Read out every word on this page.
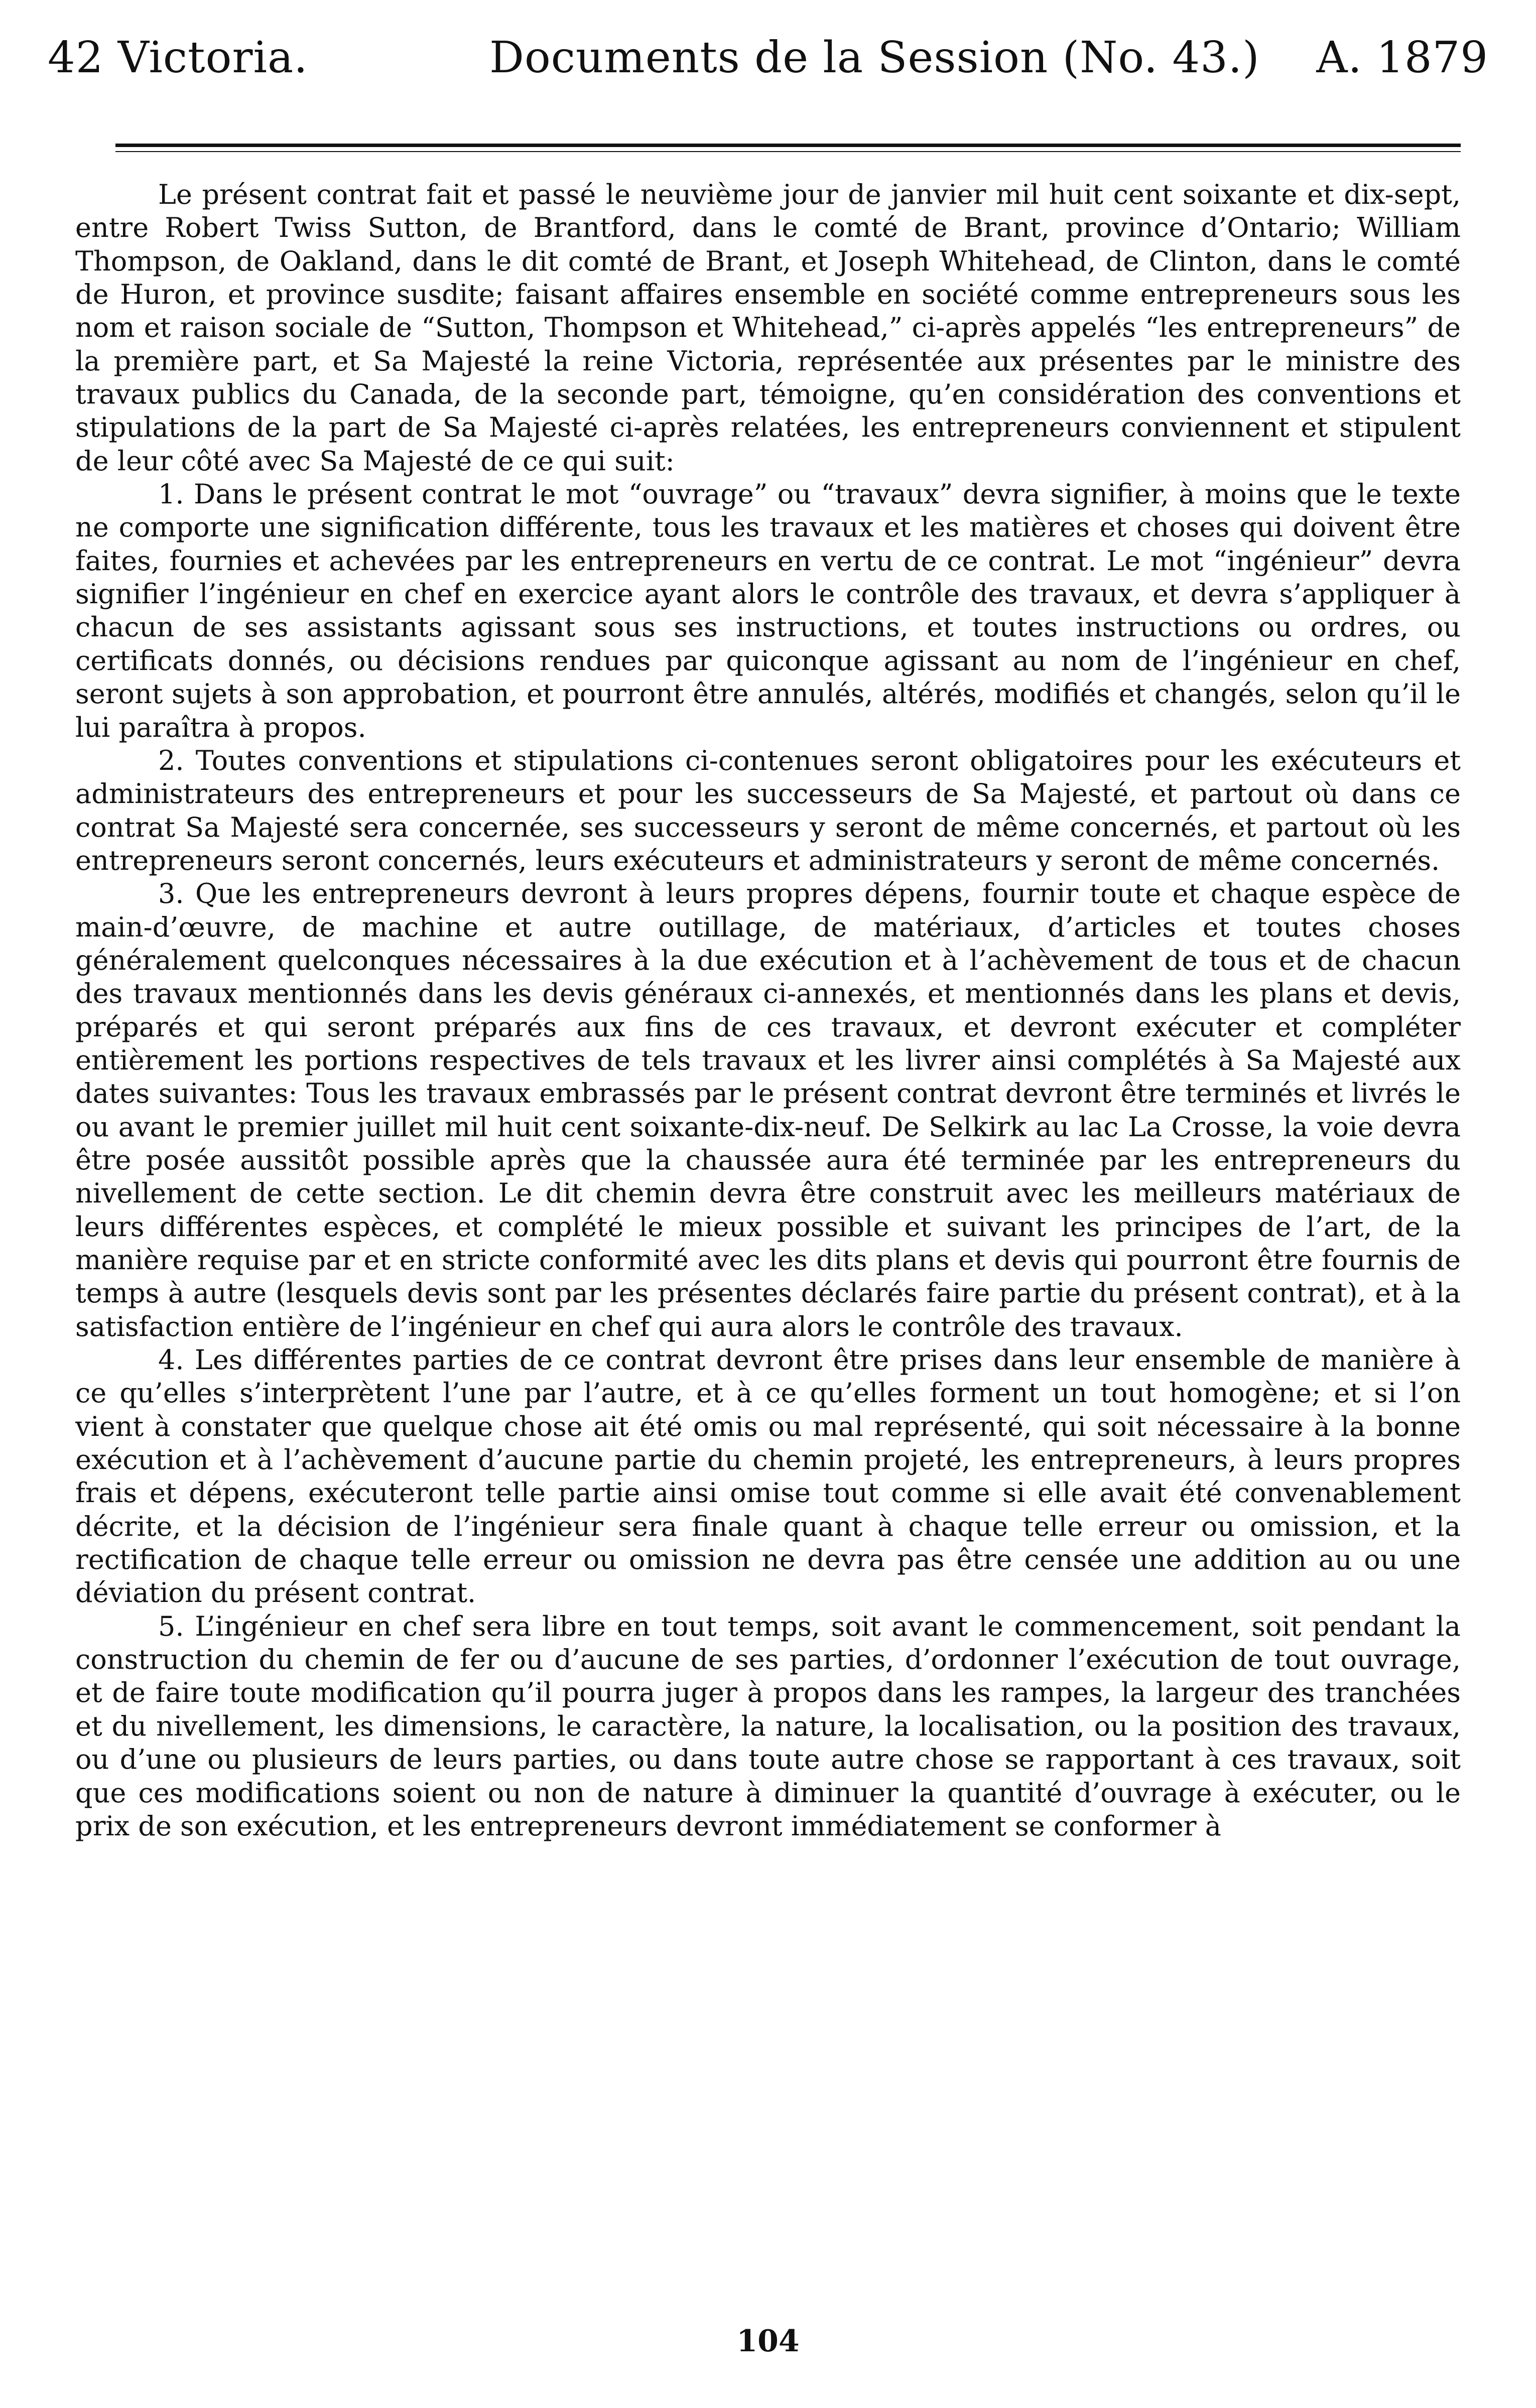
42 Victoria.	Documents de la Session (No. 43.) A. 1879

Le présent contrat fait et passé le neuvième jour de janvier mil huit cent soixante et dix-sept, entre Robert Twiss Sutton, de Brantford, dans le comté de Brant, province d’Ontario; William Thompson, de Oakland, dans le dit comté de Brant, et Joseph Whitehead, de Clinton, dans le comté de Huron, et province susdite; faisant affaires ensemble en société comme entrepreneurs sous les nom et raison sociale de “Sutton, Thompson et Whitehead,” ci-après appelés “les entrepreneurs” de la première part, et Sa Majesté la reine Victoria, représentée aux présentes par le ministre des travaux publics du Canada, de la seconde part, témoigne, qu’en considération des conventions et stipulations de la part de Sa Majesté ci-après relatées, les entrepreneurs conviennent et stipulent de leur côté avec Sa Majesté de ce qui suit:

1. Dans le présent contrat le mot “ouvrage” ou “travaux” devra signifier, à moins que le texte ne comporte une signification différente, tous les travaux et les matières et choses qui doivent être faites, fournies et achevées par les entrepreneurs en vertu de ce contrat. Le mot “ingénieur” devra signifier l’ingénieur en chef en exercice ayant alors le contrôle des travaux, et devra s’appliquer à chacun de ses assistants agissant sous ses instructions, et toutes instructions ou ordres, ou certificats donnés, ou décisions rendues par quiconque agissant au nom de l’ingénieur en chef, seront sujets à son approbation, et pourront être annulés, altérés, modifiés et changés, selon qu’il le lui paraîtra à propos.

2. Toutes conventions et stipulations ci-contenues seront obligatoires pour les exécuteurs et administrateurs des entrepreneurs et pour les successeurs de Sa Majesté, et partout où dans ce contrat Sa Majesté sera concernée, ses successeurs y seront de même concernés, et partout où les entrepreneurs seront concernés, leurs exécuteurs et administrateurs y seront de même concernés.

3. Que les entrepreneurs devront à leurs propres dépens, fournir toute et chaque espèce de main-d’œuvre, de machine et autre outillage, de matériaux, d’articles et toutes choses généralement quelconques nécessaires à la due exécution et à l’achèvement de tous et de chacun des travaux mentionnés dans les devis généraux ci-annexés, et mentionnés dans les plans et devis, préparés et qui seront préparés aux fins de ces travaux, et devront exécuter et compléter entièrement les portions respectives de tels travaux et les livrer ainsi complétés à Sa Majesté aux dates suivantes: Tous les travaux embrassés par le présent contrat devront être terminés et livrés le ou avant le premier juillet mil huit cent soixante-dix-neuf. De Selkirk au lac La Crosse, la voie devra être posée aussitôt possible après que la chaussée aura été terminée par les entrepreneurs du nivellement de cette section. Le dit chemin devra être construit avec les meilleurs matériaux de leurs différentes espèces, et complété le mieux possible et suivant les principes de l’art, de la manière requise par et en stricte conformité avec les dits plans et devis qui pourront être fournis de temps à autre (lesquels devis sont par les présentes déclarés faire partie du présent contrat), et à la satisfaction entière de l’ingénieur en chef qui aura alors le contrôle des travaux.

4. Les différentes parties de ce contrat devront être prises dans leur ensemble de manière à ce qu’elles s’interprètent l’une par l’autre, et à ce qu’elles forment un tout homogène; et si l’on vient à constater que quelque chose ait été omis ou mal représenté, qui soit nécessaire à la bonne exécution et à l’achèvement d’aucune partie du chemin projeté, les entrepreneurs, à leurs propres frais et dépens, exécuteront telle partie ainsi omise tout comme si elle avait été convenablement décrite, et la décision de l’ingénieur sera finale quant à chaque telle erreur ou omission, et la rectification de chaque telle erreur ou omission ne devra pas être censée une addition au ou une déviation du présent contrat.

5. L’ingénieur en chef sera libre en tout temps, soit avant le commencement, soit pendant la construction du chemin de fer ou d’aucune de ses parties, d’ordonner l’exécution de tout ouvrage, et de faire toute modification qu’il pourra juger à propos dans les rampes, la largeur des tranchées et du nivellement, les dimensions, le caractère, la nature, la localisation, ou la position des travaux, ou d’une ou plusieurs de leurs parties, ou dans toute autre chose se rapportant à ces travaux, soit que ces modifications soient ou non de nature à diminuer la quantité d’ouvrage à exécuter, ou le prix de son exécution, et les entrepreneurs devront immédiatement se conformer à

104
